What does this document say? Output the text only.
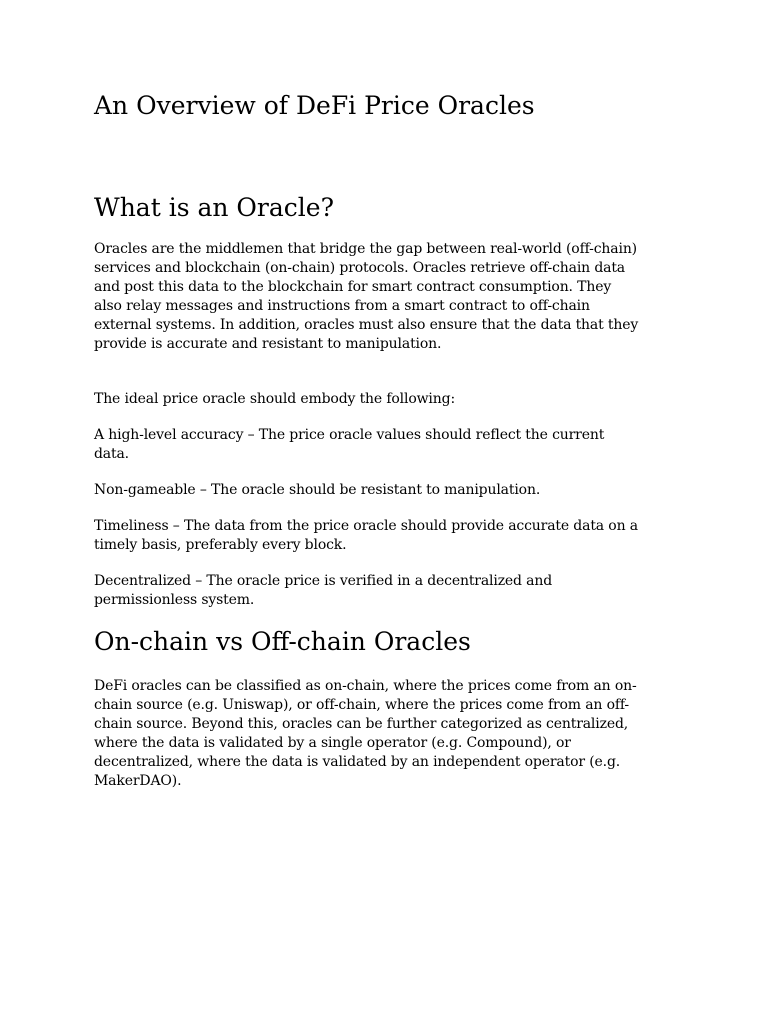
An Overview of DeFi Price Oracles
What is an Oracle?

Oracles are the middlemen that bridge the gap between real-world (off-chain)
services and blockchain (on-chain) protocols. Oracles retrieve off-chain data
and post this data to the blockchain for smart contract consumption. They
also relay messages and instructions from a smart contract to off-chain
external systems. In addition, oracles must also ensure that the data that they
provide is accurate and resistant to manipulation.

The ideal price oracle should embody the following:

A high-level accuracy – The price oracle values should reflect the current
data.

Non-gameable – The oracle should be resistant to manipulation.

Timeliness – The data from the price oracle should provide accurate data on a
timely basis, preferably every block.

Decentralized – The oracle price is verified in a decentralized and
permissionless system.

On-chain vs Off-chain Oracles

DeFi oracles can be classified as on-chain, where the prices come from an on-
chain source (e.g. Uniswap), or off-chain, where the prices come from an off-
chain source. Beyond this, oracles can be further categorized as centralized,
where the data is validated by a single operator (e.g. Compound), or
decentralized, where the data is validated by an independent operator (e.g.
MakerDAO).
